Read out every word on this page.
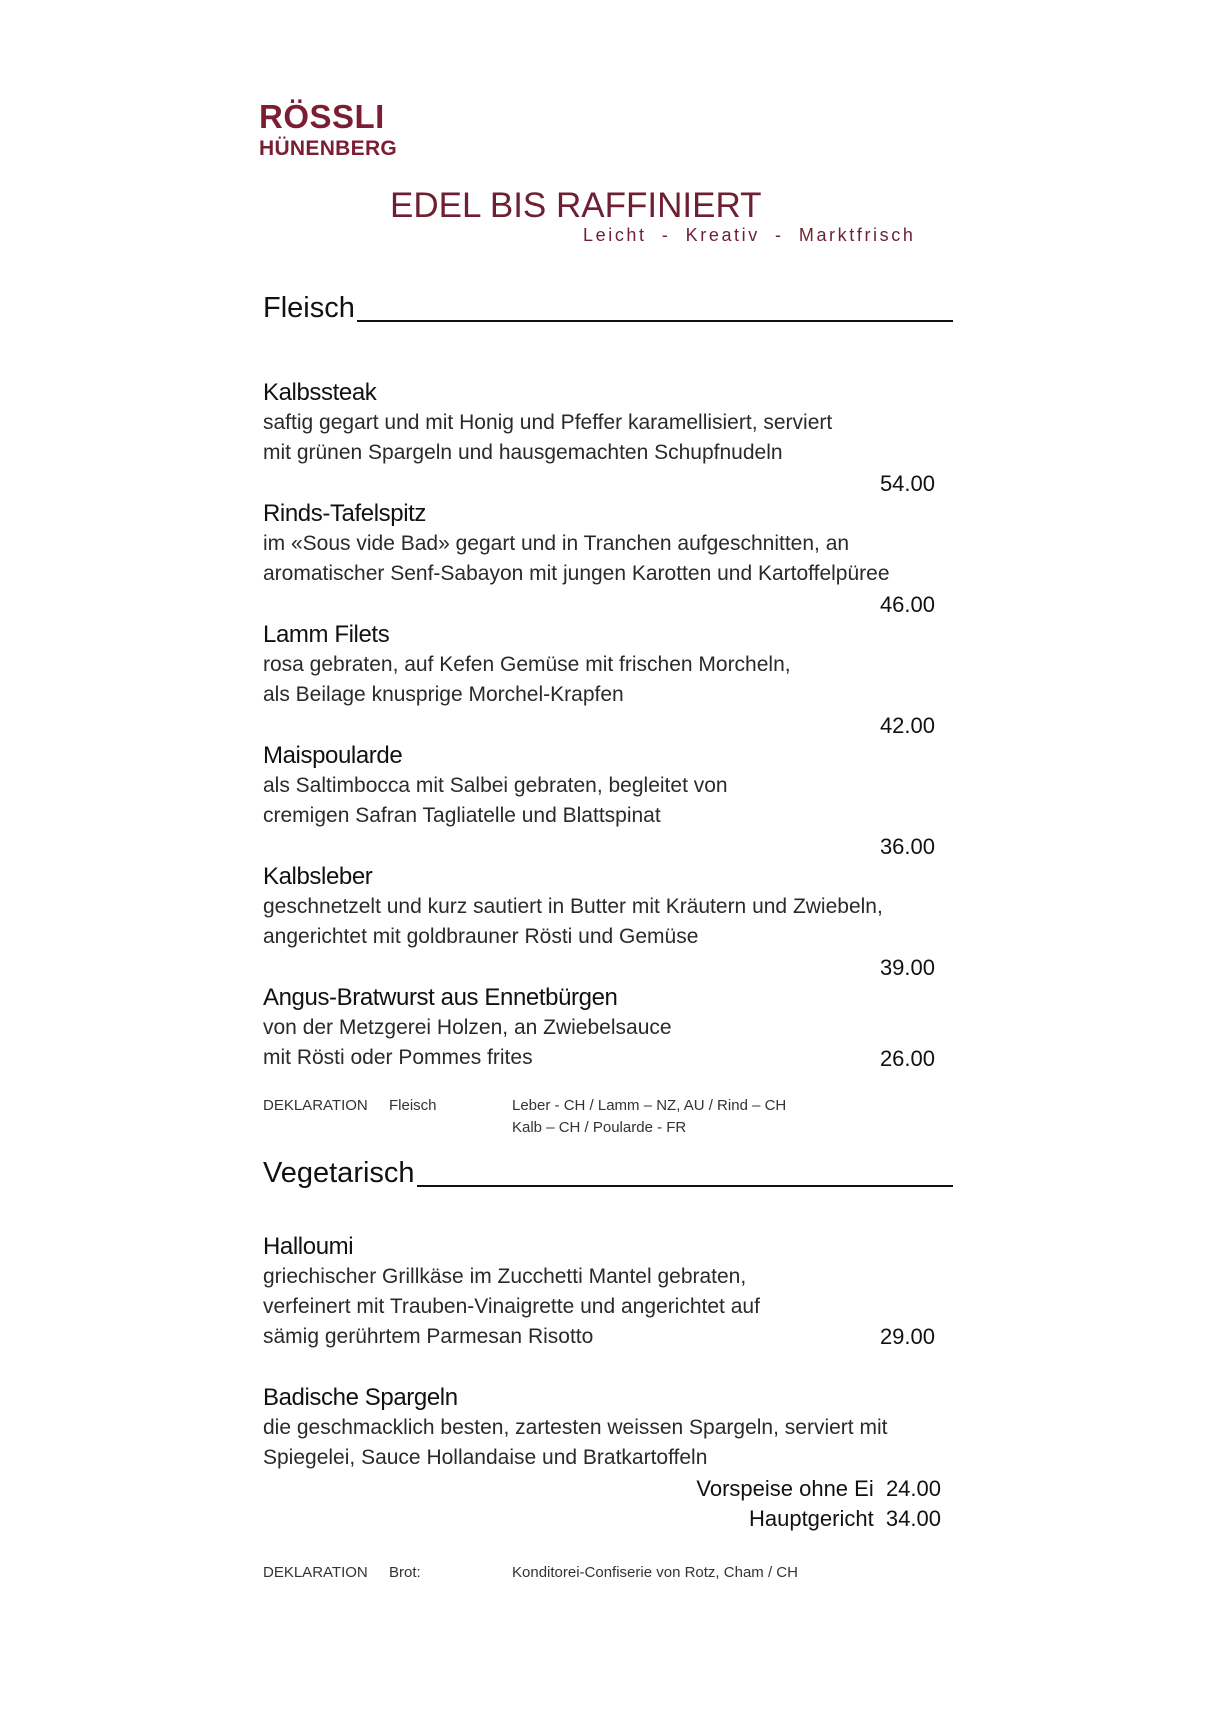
RÖSSLI
HÜNENBERG
EDEL BIS RAFFINIERT
Leicht  -  Kreativ  -  Marktfrisch
Fleisch
Kalbssteak
saftig gegart und mit Honig und Pfeffer karamellisiert, serviert
mit grünen Spargeln und hausgemachten Schupfnudeln
54.00
Rinds-Tafelspitz
im «Sous vide Bad» gegart und in Tranchen aufgeschnitten, an
aromatischer Senf-Sabayon mit jungen Karotten und Kartoffelpüree
46.00
Lamm Filets
rosa gebraten, auf Kefen Gemüse mit frischen Morcheln,
als Beilage knusprige Morchel-Krapfen
42.00
Maispoularde
als Saltimbocca mit Salbei gebraten, begleitet von
cremigen Safran Tagliatelle und Blattspinat
36.00
Kalbsleber
geschnetzelt und kurz sautiert in Butter mit Kräutern und Zwiebeln,
angerichtet mit goldbrauner Rösti und Gemüse
39.00
Angus-Bratwurst aus Ennetbürgen
von der Metzgerei Holzen, an Zwiebelsauce
mit Rösti oder Pommes frites	26.00
DEKLARATION Fleisch	Leber - CH / Lamm – NZ, AU / Rind – CH
Kalb – CH / Poularde - FR
Vegetarisch
Halloumi
griechischer Grillkäse im Zucchetti Mantel gebraten,
verfeinert mit Trauben-Vinaigrette und angerichtet auf
sämig gerührtem Parmesan Risotto	29.00
Badische Spargeln
die geschmacklich besten, zartesten weissen Spargeln, serviert mit
Spiegelei, Sauce Hollandaise und Bratkartoffeln
Vorspeise ohne Ei  24.00
Hauptgericht  34.00
DEKLARATION Brot:	Konditorei-Confiserie von Rotz, Cham / CH
